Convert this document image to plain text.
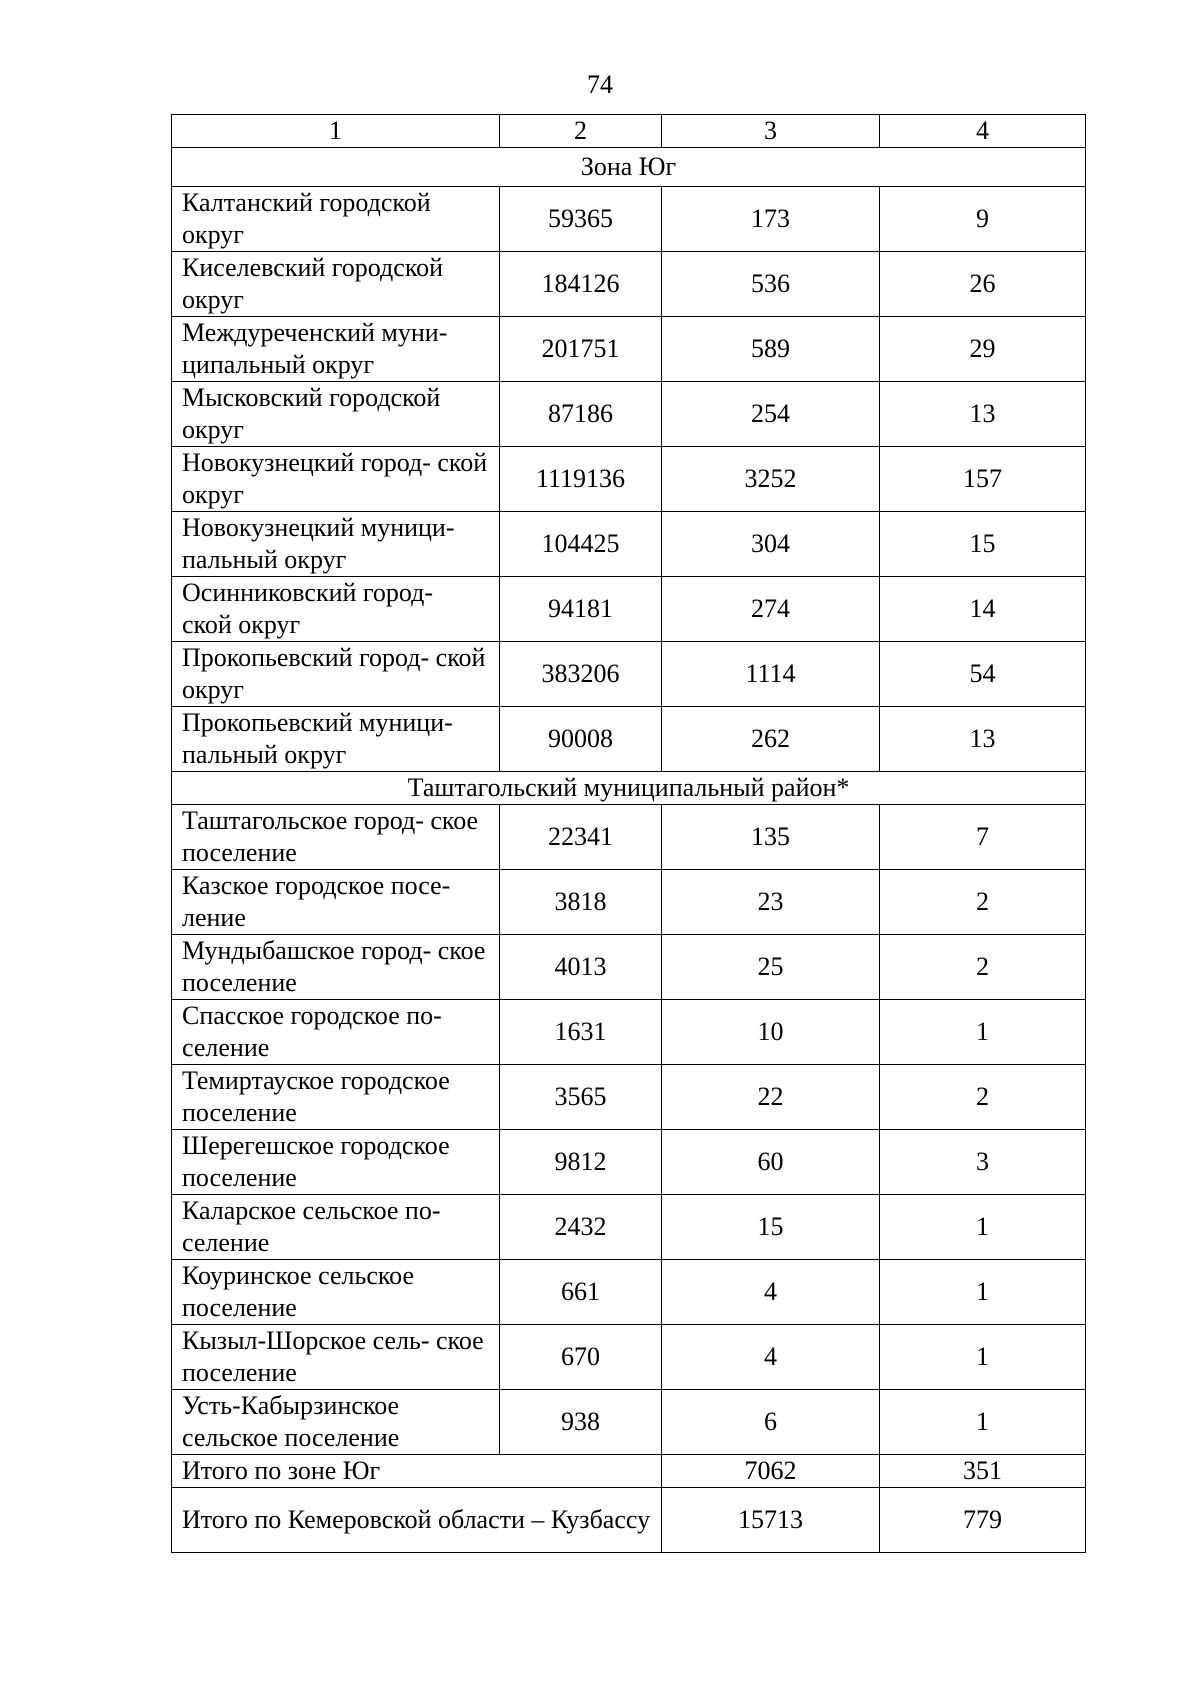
74
1	2	3	4
Зона Юг			
Калтанский городской округ	59365	173	9
Киселевский городской округ	184126	536	26
Междуреченский муни- ципальный округ	201751	589	29
Мысковский городской округ	87186	254	13
Новокузнецкий город- ской округ	1119136	3252	157
Новокузнецкий муници- пальный округ	104425	304	15
Осинниковский город- ской округ	94181	274	14
Прокопьевский город- ской округ	383206	1114	54
Прокопьевский муници- пальный округ	90008	262	13
Таштагольский муниципальный район*			
Таштагольское город- ское поселение	22341	135	7
Казское городское посе- ление	3818	23	2
Мундыбашское город- ское поселение	4013	25	2
Спасское городское по- селение	1631	10	1
Темиртауское городское поселение	3565	22	2
Шерегешское городское поселение	9812	60	3
Каларское сельское по- селение	2432	15	1
Коуринское сельское поселение	661	4	1
Кызыл-Шорское сель- ское поселение	670	4	1
Усть-Кабырзинское сельское поселение	938	6	1
Итого по зоне Юг		7062	351
Итого по Кемеровской области – Кузбассу		15713	779
